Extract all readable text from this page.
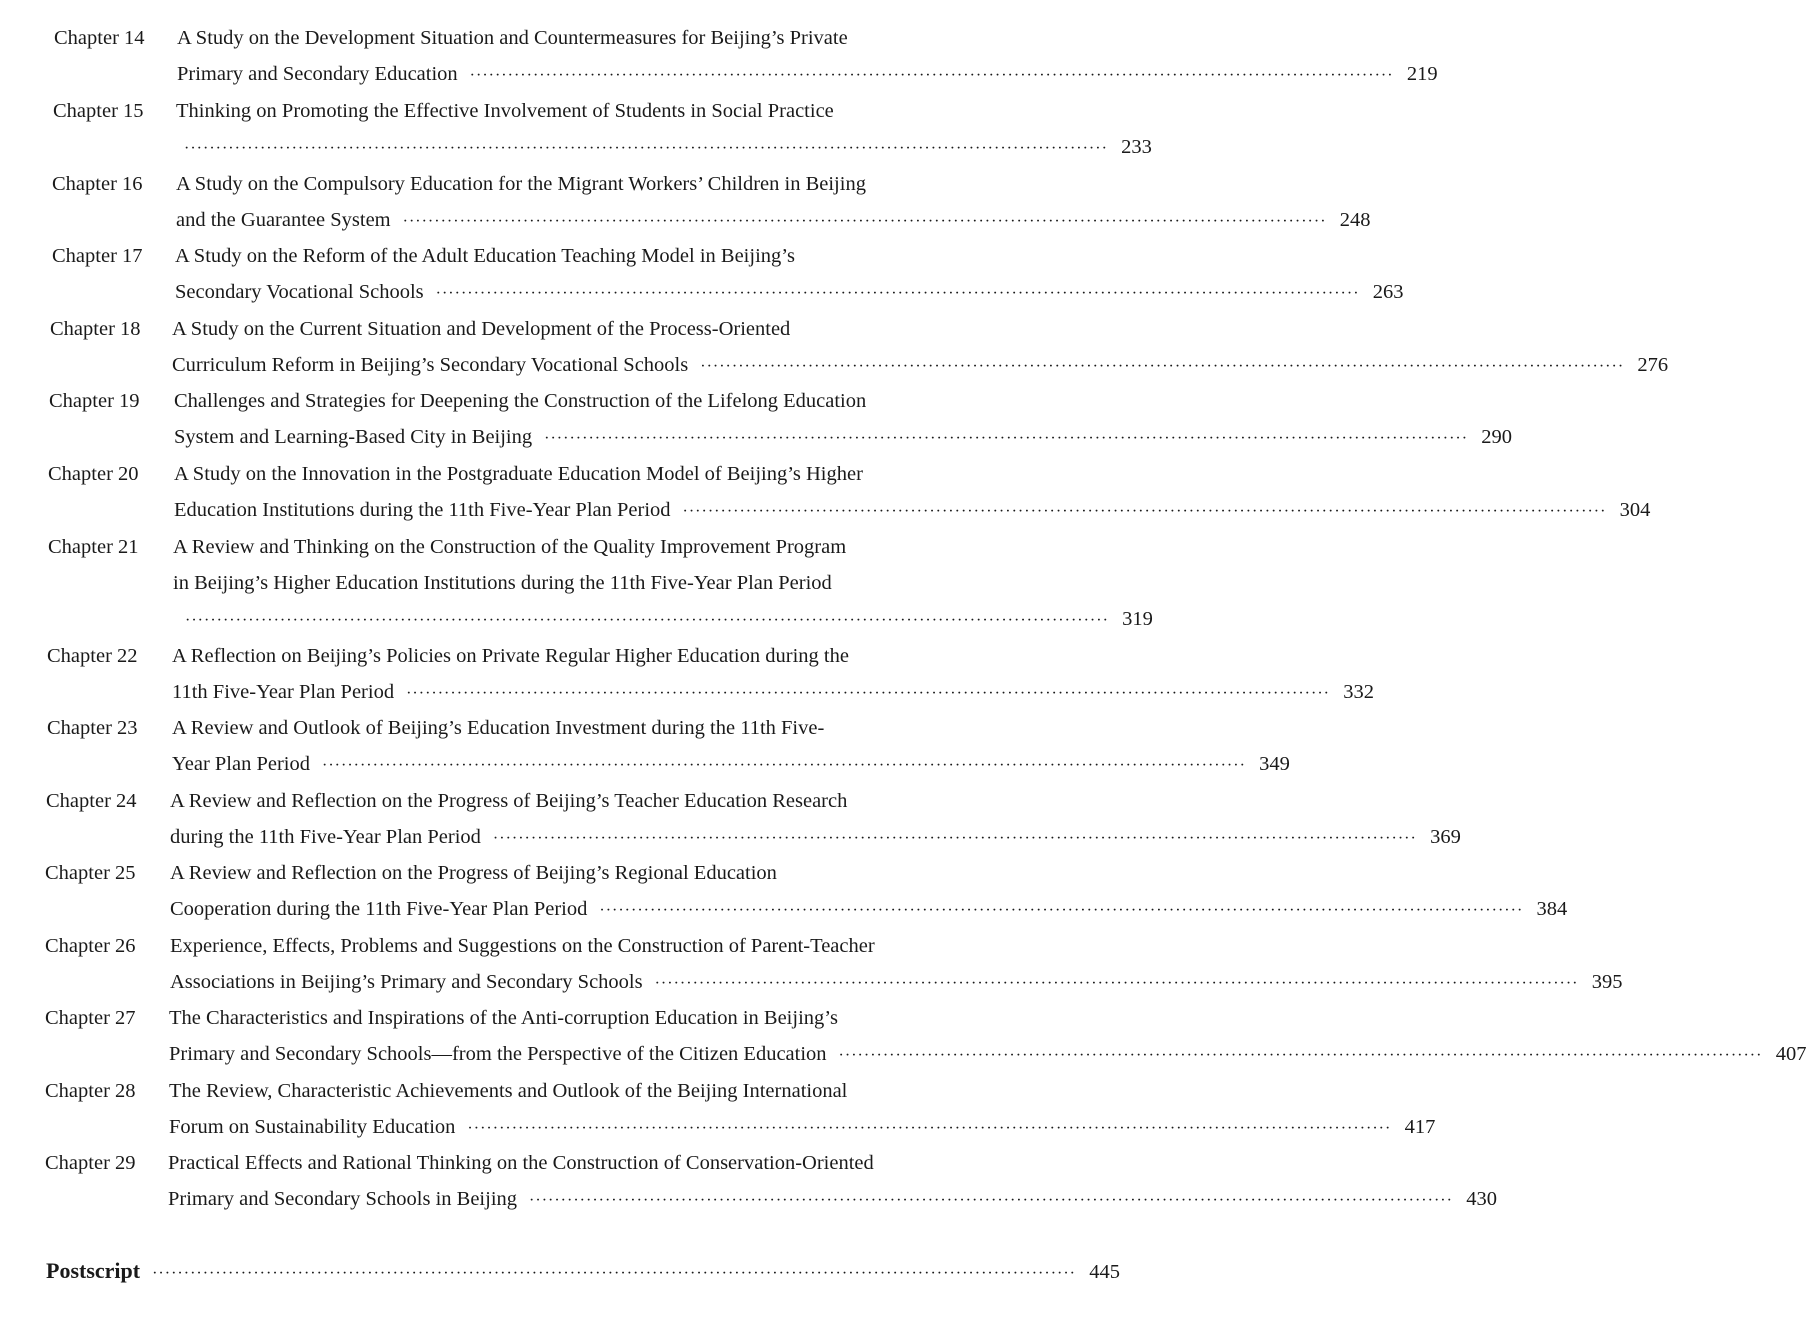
Chapter 14 A Study on the Development Situation and Countermeasures for Beijing’s Private
Primary and Secondary Education ·················································································································································· 219
Chapter 15 Thinking on Promoting the Effective Involvement of Students in Social Practice
·················································································································································· 233
Chapter 16 A Study on the Compulsory Education for the Migrant Workers’ Children in Beijing
and the Guarantee System ·················································································································································· 248
Chapter 17 A Study on the Reform of the Adult Education Teaching Model in Beijing’s
Secondary Vocational Schools ·················································································································································· 263
Chapter 18 A Study on the Current Situation and Development of the Process-Oriented
Curriculum Reform in Beijing’s Secondary Vocational Schools ·················································································································································· 276
Chapter 19 Challenges and Strategies for Deepening the Construction of the Lifelong Education
System and Learning-Based City in Beijing ·················································································································································· 290
Chapter 20 A Study on the Innovation in the Postgraduate Education Model of Beijing’s Higher
Education Institutions during the 11th Five-Year Plan Period ·················································································································································· 304
Chapter 21 A Review and Thinking on the Construction of the Quality Improvement Program
in Beijing’s Higher Education Institutions during the 11th Five-Year Plan Period
·················································································································································· 319
Chapter 22 A Reflection on Beijing’s Policies on Private Regular Higher Education during the
11th Five-Year Plan Period ·················································································································································· 332
Chapter 23 A Review and Outlook of Beijing’s Education Investment during the 11th Five-
Year Plan Period ·················································································································································· 349
Chapter 24 A Review and Reflection on the Progress of Beijing’s Teacher Education Research
during the 11th Five-Year Plan Period ·················································································································································· 369
Chapter 25 A Review and Reflection on the Progress of Beijing’s Regional Education
Cooperation during the 11th Five-Year Plan Period ·················································································································································· 384
Chapter 26 Experience, Effects, Problems and Suggestions on the Construction of Parent-Teacher
Associations in Beijing’s Primary and Secondary Schools ·················································································································································· 395
Chapter 27 The Characteristics and Inspirations of the Anti-corruption Education in Beijing’s
Primary and Secondary Schools—from the Perspective of the Citizen Education ·················································································································································· 407
Chapter 28 The Review, Characteristic Achievements and Outlook of the Beijing International
Forum on Sustainability Education ·················································································································································· 417
Chapter 29 Practical Effects and Rational Thinking on the Construction of Conservation-Oriented
Primary and Secondary Schools in Beijing ·················································································································································· 430
Postscript ·················································································································································· 445
